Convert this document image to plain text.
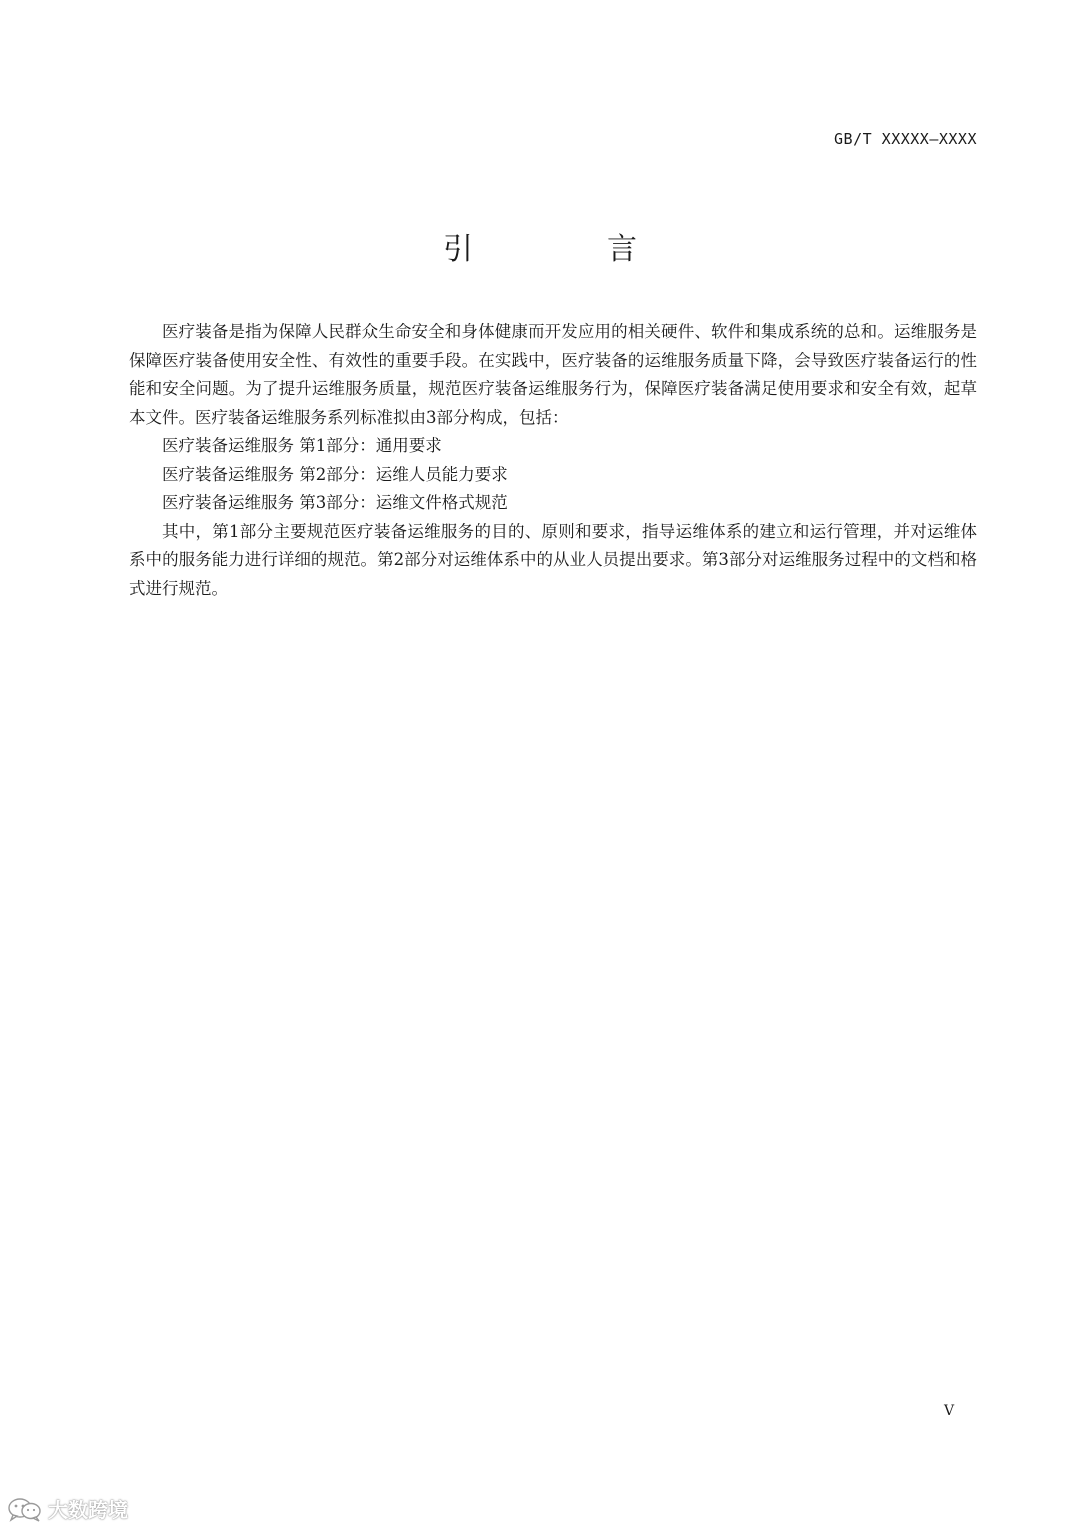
GB/T XXXXX—XXXX
引　言

医疗装备是指为保障人民群众生命安全和身体健康而开发应用的相关硬件、软件和集成系统的总和。运维服务是保障医疗装备使用安全性、有效性的重要手段。在实践中，医疗装备的运维服务质量下降，会导致医疗装备运行的性能和安全问题。为了提升运维服务质量，规范医疗装备运维服务行为，保障医疗装备满足使用要求和安全有效，起草本文件。医疗装备运维服务系列标准拟由3部分构成，包括：

医疗装备运维服务 第1部分：通用要求

医疗装备运维服务 第2部分：运维人员能力要求

医疗装备运维服务 第3部分：运维文件格式规范

其中，第1部分主要规范医疗装备运维服务的目的、原则和要求，指导运维体系的建立和运行管理，并对运维体系中的服务能力进行详细的规范。第2部分对运维体系中的从业人员提出要求。第3部分对运维服务过程中的文档和格式进行规范。

V
大数跨境
